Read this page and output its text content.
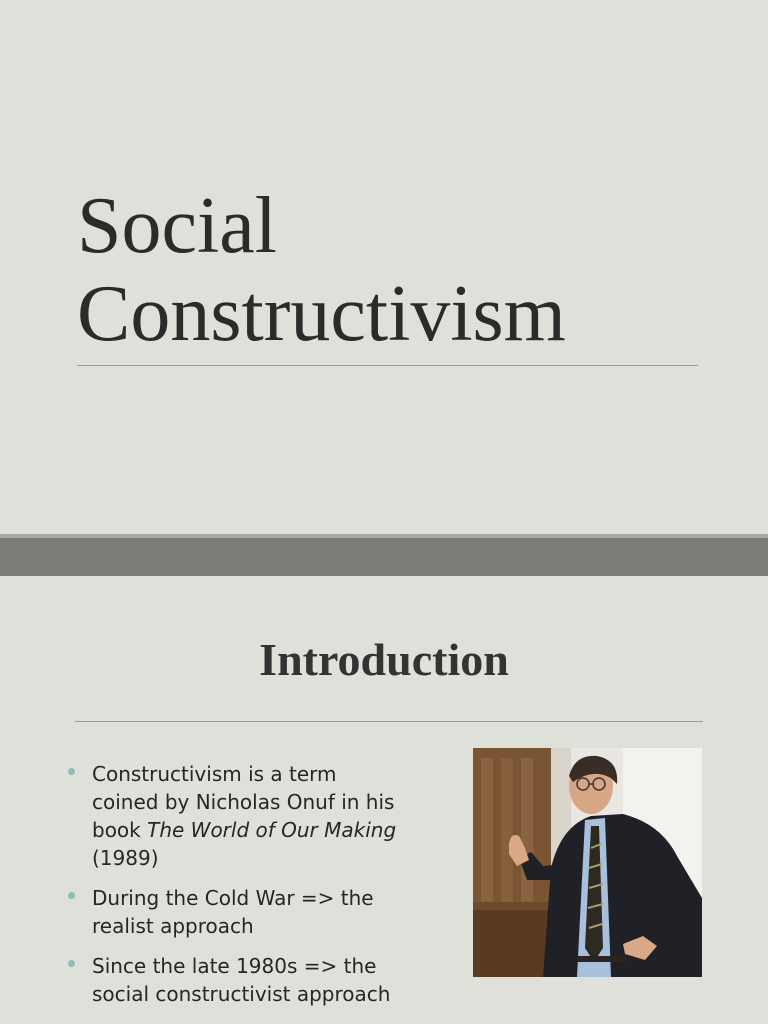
Social
Constructivism
Introduction
Constructivism is a term coined by Nicholas Onuf in his book The World of Our Making (1989)
During the Cold War => the realist approach
Since the late 1980s => the social constructivist approach
